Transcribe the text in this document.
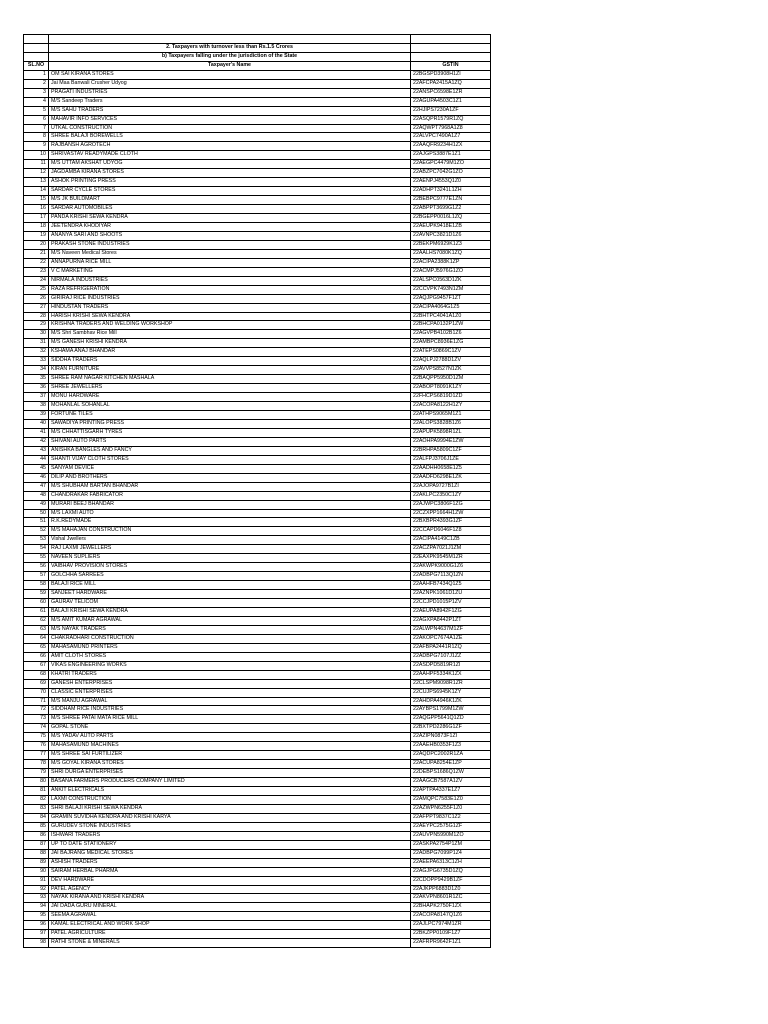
	2. Taxpayers with turnover less than Rs.1.5 Crores	
	b) Taxpayers falling under the jurisdiction of the State	
SL.NO	Taxpayer's Name	GSTIN
1	OM SAI KIRANA STORES	22BGSPD3908H1ZI
2	Jai Maa Banwali Crusher Udyog	22AFCPA2415A1ZQ
3	PRAGATI INDUSTRIES	22ANSPC6598E1ZR
4	M/S Sandeep Traders	22AGUPA4503C1Z1
5	M/S SAHU TRADERS	22HJIPS7230A1ZF
6	MAHAVIR INFO SERVICES	22ASQPR1579R1ZQ
7	UTKAL CONSTRUCTION	22AQWPT7968A1Z8
8	SHREE BALAJI BOREWELLS	22ALVPC7490A1Z7
9	RAJBANSH AGROTECH	22AAQFR9234H1ZX
10	SHRIVASTAV READYMADE CLOTH	22AJGPS3887E1Z1
11	M/S UTTAM AKSHAT UDYOG	22AEGPC4479M1ZO
12	JAGDAMBA KIRANA STORES	22ABZPC7042G1ZO
13	ASHOK PRINTING PRESS	22AENPJ4553Q1Z0
14	SARDAR CYCLE STORES	22ADHPT3241L1ZH
15	M/S JK BUILDMART	22BEBPC9777E1ZN
16	SARDAR AUTOMOBILES	22ABPPT3699G1Z2
17	PANDA KRISHI SEWA KENDRA	22BGEPP0016L1ZQ
18	JEETENDRA KHODIYAR	22AEUPK9418E1ZB
19	ANANYA SARI AND SHOOTS	22AVNPC3821D1Z6
20	PRAKASH STONE INDUSTRIES	22BEKPM6929K1Z3
21	M/S Naveen Medical Stores	22AALHS7080K1ZQ
22	ANNAPURNA RICE MILL	22ACIPA2388K1ZP
23	V C MARKETING	22ACMPJ5976G1ZO
24	NIRMALA INDUSTRIES	22ALSPC0563D1ZK
25	RAZA REFRIGERATION	22CCVPK7493N1ZM
26	GIRIRAJ RICE INDUSTRIES	22AQJPG9457F1ZT
27	HINDUSTAN TRADERS	22ACIPA4064G1Z5
28	HARISH KRISHI SEWA KENDRA	22BHTPC4041A1Z0
29	KRISHNA TRADERS AND WELDING WORKSHOP	22BHCPA0132P1ZW
30	M/S Shri Sambhav Rice Mill	22AGVPB4102B1Z6
31	M/S GANESH KRISHI KENDRA	22AMBPC8936E1ZG
32	KSHAMA ANAJ BHANDAR	22ATEPS0869C1ZV
33	SIDDHA TRADERS	22AQLPJ2788D1ZV
34	KIRAN FURNITURE	22AVVPS8527N1ZK
35	SHREE RAM NAGAR KITCHEN MASHALA	22BAQPP5950D1ZM
36	SHREE JEWELLERS	22ABOPT8091K1ZY
37	MONU HARDWARE	22FHCPS6819D1ZD
38	MOHANLAL SOHANLAL	22ACOPA8122H1ZY
39	FORTUNE TILES	22ATHPS9065M1Z1
40	SAWADIYA PRINTING PRESS	22ALOPS3828B1Z6
41	M/S CHHATTISGARH TYRES	22APUPK5898R1ZL
42	SHIVANI AUTO PARTS	22AOHPA9994E1ZW
43	ANISHKA BANGLES AND FANCY	22BRHPA5809C1ZF
44	SHANTI VIJAY CLOTH STORES	22ALFPJ3706J1ZE
45	SANYAM DEVICE	22AADHH0658E1Z5
46	DILIP AND BROTHERS	22AADFD6298E1ZK
47	M/S SHUBHAM BARTAN BHANDAR	22AJOPA9727B1ZI
48	CHANDRAKAR FABRICATOR	22AKLPC2350C1ZY
49	MURARI BEEJ BHANDAR	22AJWPC3806F1ZG
50	M/S LAXMI AUTO	22CZXPP1664H1ZW
51	R.K.REDYMADE	22BXBPR4393G1ZF
52	M/S MAHAJAN CONSTRUCTION	22CCAPD6046F1Z8
53	Vishal Jwellers	22ACIPA4149C1ZB
54	RAJ LAXMI JEWELLERS	22ACZPA7021J1ZM
55	NAVEEN SUPLIERS	22EAXPK9545M1ZR
56	VAIBHAV PROVISION STORES	22AKWPK9000G1Z6
57	GOLCHHA SARREES	22ADBPG7113Q1ZN
58	BALAJI RICE MILL	22AAHFB7434Q1Z5
59	SANJEET HARDWARE	22AZNPK1061D1ZU
60	GAURAV TELICOM	22CCJPD1015P1ZV
61	BALAJI KRISHI SEWA KENDRA	22AEUPA8942F1ZG
62	M/S AMIT KUMAR AGRAWAL	22AGXPA8442P1ZT
63	M/S NAYAK TRADERS	22ALWPN4637M1ZF
64	CHAKRADHARI CONSTRUCTION	22AKOPC7674A1ZE
65	MAHASAMUND PRINTERS	22AFBPA2441R1ZQ
66	AMIT CLOTH STORES	22ADBPG7107J1ZZ
67	VIKAS ENGINEERING WORKS	22ASDPD5819R1ZI
68	KHATRI TRADERS	22AAHPF5334K1ZX
69	GANESH ENTERPRISES	22CLSPM9098R1ZR
70	CLASSIC ENTERPRISES	22CUJPS6945K1ZY
71	M/S MANJU AGRAWAL	22AHDPA4946K1ZK
72	SIDDHAM RICE INDUSTRIES	22AYBPS1799M1ZW
73	M/S SHREE PATAI MATA RICE MILL	22AQGPP5641Q1ZD
74	GOPAL STONE	22BXTPD2286G1ZF
75	M/S YADAV AUTO PARTS	22AZIPN0873F1ZI
76	MAHASAMUND MACHINES	22AAEHB0353F1Z3
77	M/S SHREE SAI FURTILIZER	22AQDPC2002R1ZA
78	M/S GOYAL KIRANA STORES	22ACUPA8254E1ZP
79	SHRI DURGA ENTERPRISES	22DEBPS1686Q1ZW
80	BASANA FARMERS PRODUCERS COMPANY LIMITED	22AAGCB7587A1ZV
81	ANKIT ELECTRICALS	22APTPA4337E1Z7
82	LAXMI CONSTRUCTION	22AMQPC7583E1Z0
83	SHRI BALAJI KRISHI SEWA KENDRA	22AZWPN6255F1Z0
84	GRAMIN SUVIDHA KENDRA AND KRISHI KARYA	22AFPPT9837C1Z2
85	GURUDEV STONE INDUSTRIES	22AEYPC2575G1ZF
86	ISHWARI TRADERS	22AUVPN5990M1ZO
87	UP TO DATE STATIONERY	22ASKPA2754P1ZM
88	JAI BAJRANG MEDICAL STORES	22ADBPG7099P1Z4
89	ASHISH TRADERS	22AEEPA6313C1ZH
90	SAIRAM HERBAL PHARMA	22AGJPG6735D1ZQ
91	DEV HARDWARE	22CDOPP9429B1ZF
92	PATEL AGENCY	22AJKPP6883D1Z0
93	NAYAK KIRANA AND KRISHI KENDRA	22AKVPN8601R1ZC
94	JAI DADA GURU MINERAL	22BHAPK2750F1ZX
95	SEEMA AGRAWAL	22ACOPA8147Q1Z6
96	KAMAL ELECTRICAL AND WORK SHOP	22AJLPC7974M1ZR
97	PATEL AGRICULTURE	22BKZPP0109F1Z7
98	RATHI STONE & MINERALS	22AFRPR9642F1Z1
